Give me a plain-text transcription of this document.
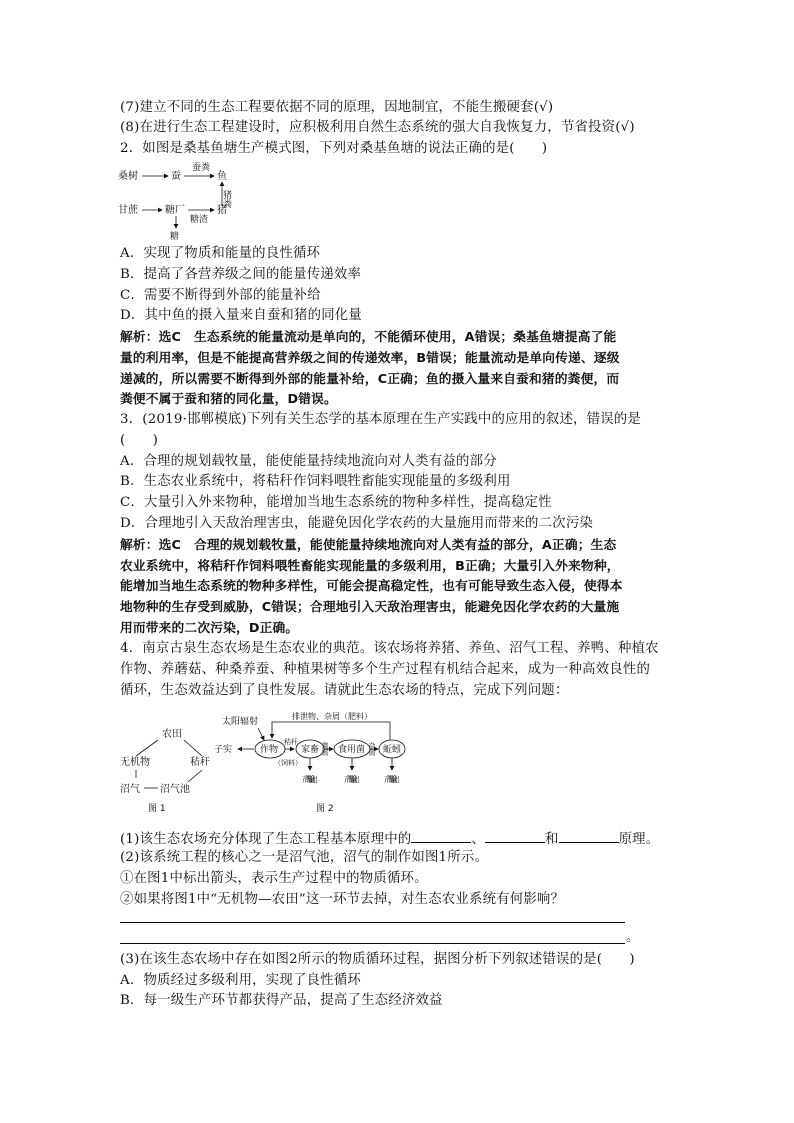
(7)建立不同的生态工程要依据不同的原理，因地制宜，不能生搬硬套(√)
(8)在进行生态工程建设时，应积极利用自然生态系统的强大自我恢复力，节省投资(√)
2．如图是桑基鱼塘生产模式图，下列对桑基鱼塘的说法正确的是(　　)
桑树	蚕
蚕粪
鱼
猪粪
甘蔗	糖厂	猪
糖渣
糖
A．实现了物质和能量的良性循环
B．提高了各营养级之间的能量传递效率
C．需要不断得到外部的能量补给
D．其中鱼的摄入量来自蚕和猪的同化量
解析：选C　生态系统的能量流动是单向的，不能循环使用，A错误；桑基鱼塘提高了能
量的利用率，但是不能提高营养级之间的传递效率，B错误；能量流动是单向传递、逐级
递减的，所以需要不断得到外部的能量补给，C正确；鱼的摄入量来自蚕和猪的粪便，而
粪便不属于蚕和猪的同化量，D错误。
3．(2019·邯郸模底)下列有关生态学的基本原理在生产实践中的应用的叙述，错误的是
(　　)
A．合理的规划载牧量，能使能量持续地流向对人类有益的部分
B．生态农业系统中，将秸秆作饲料喂牲畜能实现能量的多级利用
C．大量引入外来物种，能增加当地生态系统的物种多样性，提高稳定性
D．合理地引入天敌治理害虫，能避免因化学农药的大量施用而带来的二次污染
解析：选C　合理的规划载牧量，能使能量持续地流向对人类有益的部分，A正确；生态
农业系统中，将秸秆作饲料喂牲畜能实现能量的多级利用，B正确；大量引入外来物种，
能增加当地生态系统的物种多样性，可能会提高稳定性，也有可能导致生态入侵，使得本
地物种的生存受到威胁，C错误；合理地引入天敌治理害虫，能避免因化学农药的大量施
用而带来的二次污染，D正确。
4．南京古泉生态农场是生态农业的典范。该农场将养猪、养鱼、沼气工程、养鸭、种植农
作物、养蘑菇、种桑养蚕、种植果树等多个生产过程有机结合起来，成为一种高效良性的
循环，生态效益达到了良性发展。请就此生态农场的特点，完成下列问题：
农田
无机物	秸秆
沼气 沼气池
图 1
太阳辐射
排泄物、杂屑（肥料）
子实	作物
秸秆
（饲料）
家畜 粪屑 食用菌 杂屑 蚯蚓
产品输出	产品输出	产品输出
图 2
(1)该生态农场充分体现了生态工程基本原理中的	、	和	原理。
(2)该系统工程的核心之一是沼气池，沼气的制作如图1所示。
①在图1中标出箭头，表示生产过程中的物质循环。
②如果将图1中“无机物—农田”这一环节去掉，对生态农业系统有何影响？
。
(3)在该生态农场中存在如图2所示的物质循环过程，据图分析下列叙述错误的是(　　)
A．物质经过多级利用，实现了良性循环
B．每一级生产环节都获得产品，提高了生态经济效益
